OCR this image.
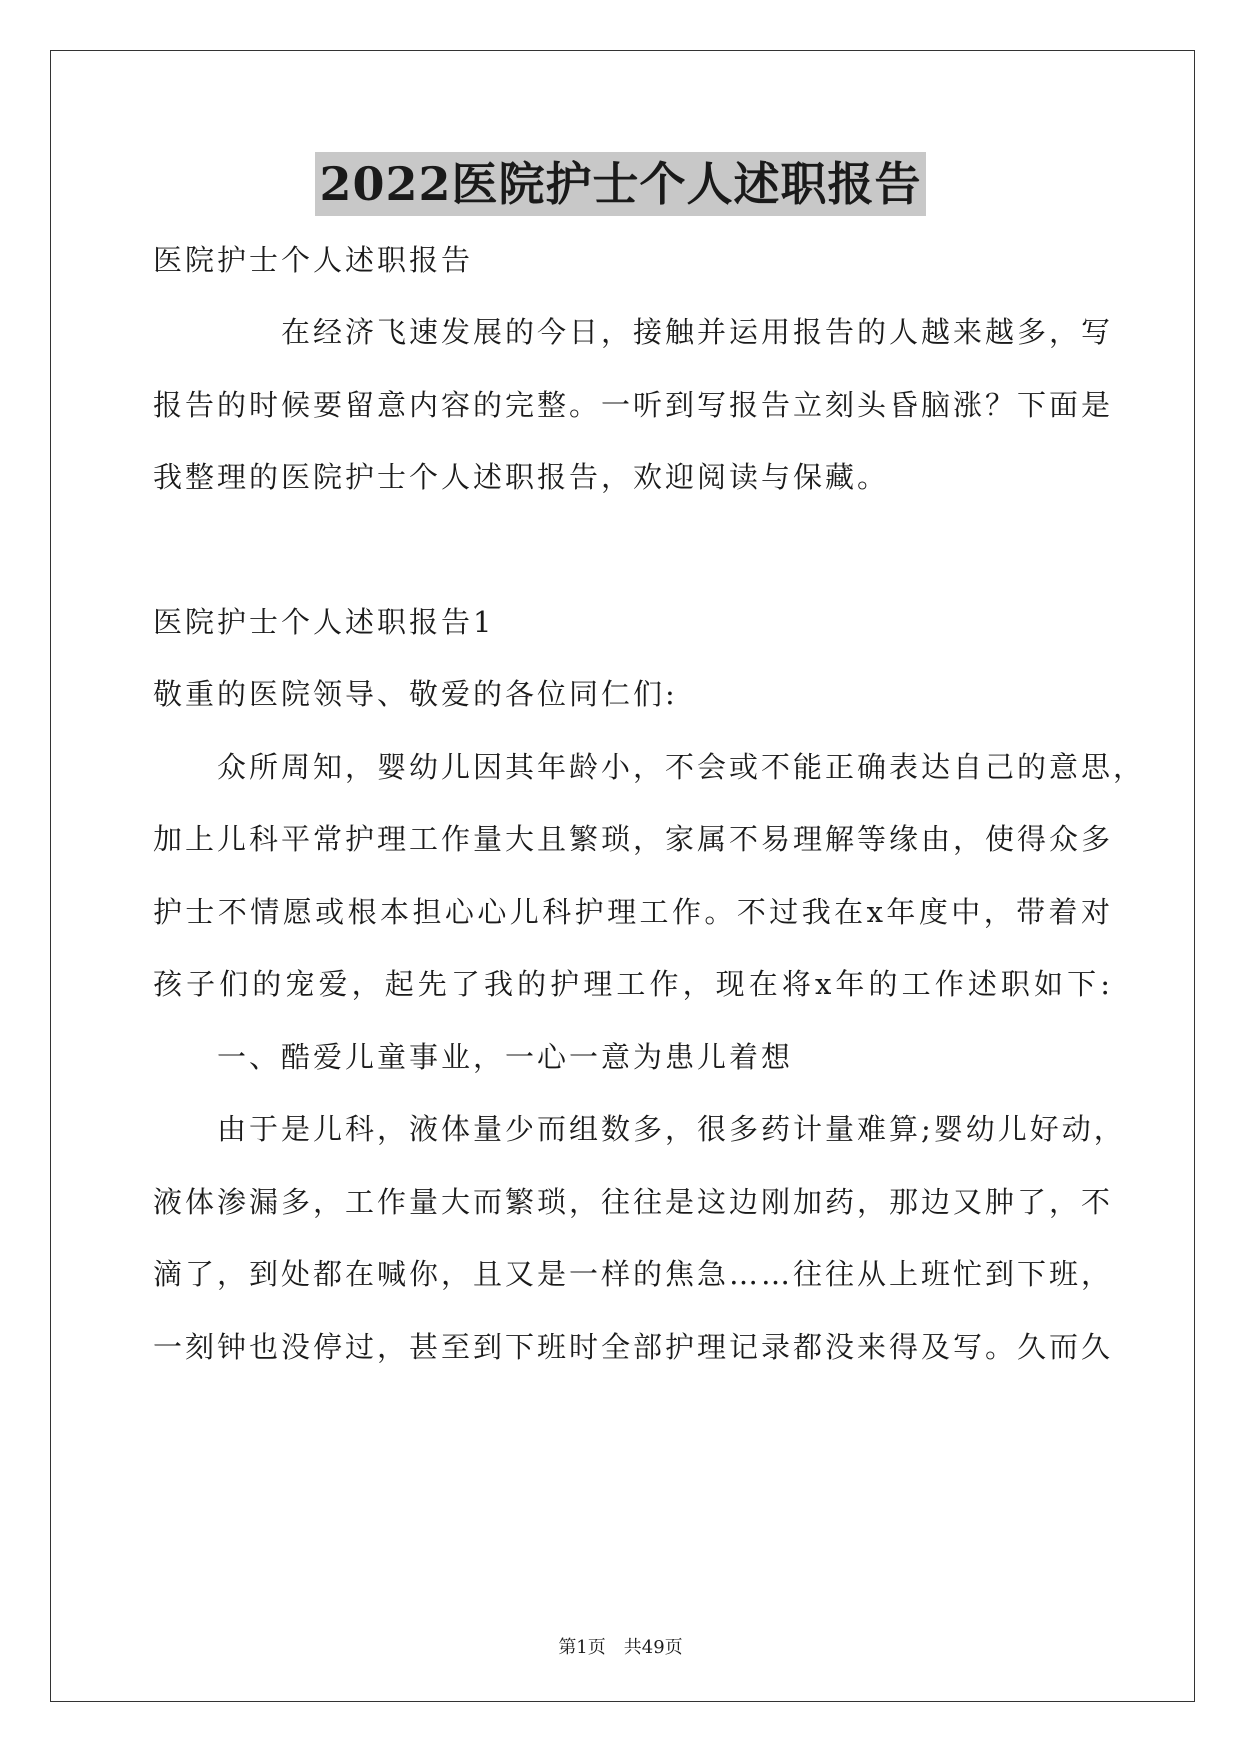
2022医院护士个人述职报告
医院护士个人述职报告
　　　　在经济飞速发展的今日，接触并运用报告的人越来越多，写
报告的时候要留意内容的完整。一听到写报告立刻头昏脑涨？下面是
我整理的医院护士个人述职报告，欢迎阅读与保藏。
医院护士个人述职报告1
敬重的医院领导、敬爱的各位同仁们:
　　众所周知，婴幼儿因其年龄小，不会或不能正确表达自己的意思，
加上儿科平常护理工作量大且繁琐，家属不易理解等缘由，使得众多
护士不情愿或根本担心心儿科护理工作。不过我在x年度中，带着对
孩子们的宠爱，起先了我的护理工作，现在将x年的工作述职如下:
　　一、酷爱儿童事业，一心一意为患儿着想
　　由于是儿科，液体量少而组数多，很多药计量难算;婴幼儿好动，
液体渗漏多，工作量大而繁琐，往往是这边刚加药，那边又肿了，不
滴了，到处都在喊你，且又是一样的焦急……往往从上班忙到下班，
一刻钟也没停过，甚至到下班时全部护理记录都没来得及写。久而久
第1页　共49页
